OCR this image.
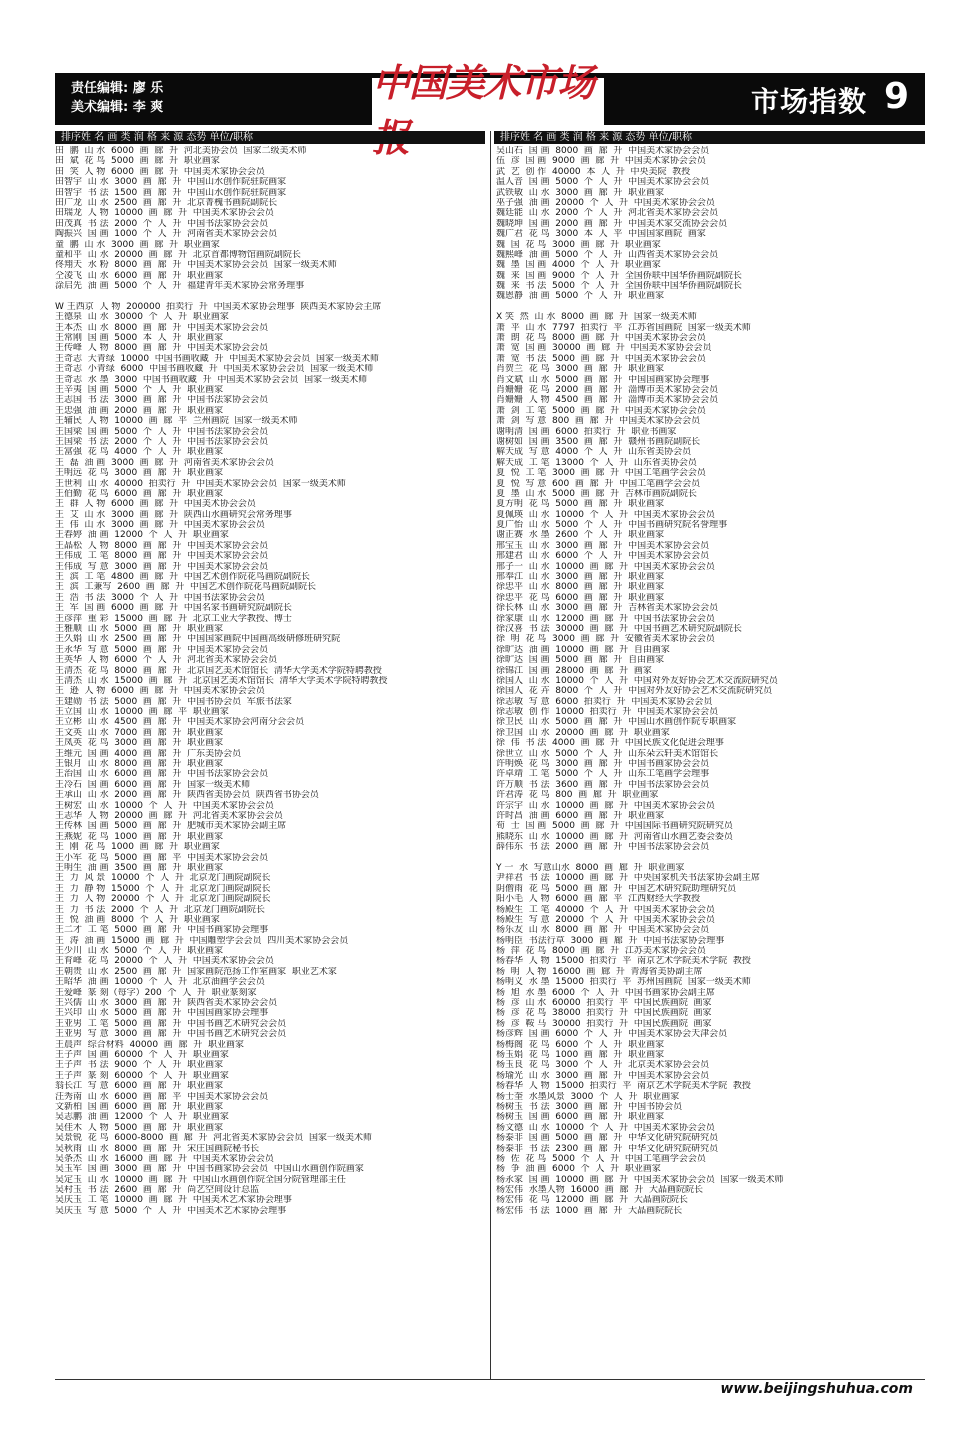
责任编辑: 廖 乐
美术编辑: 李 爽	市场指数 9
中国美术市场
排序姓 名 画 类 润 格 来 源 态势 单位/职称	排序姓 名 画 类 润 格 来 源 态势 单位/职称
田  鹏  山 水  6000  画  廊  升  河北美协会员  国家二级美术师
田  斌  花 鸟  5000  画  廊  升  职业画家
田  笑  人 物  6000  画  廊  升  中国美术家协会会员
田智宇  山 水  3000  画  廊  升  中国山水创作院驻院画家
田智宇  书 法  1500  画  廊  升  中国山水创作院驻院画家
田广龙  山 水  2500  画  廊  升  北京菁槐书画院副院长
田瑞龙  人 物  10000  画  廊  升  中国美术家协会会员
田茂真  书 法  2000  个  人  升  中国书法家协会会员
陶振兴  国 画  1000  个  人  升  河南省美术家协会会员
童  鹏  山 水  3000  画  廊  升  职业画家
童和平  山 水  20000  画  廊  升  北京首都博物馆画院副院长
佟翔天  水 粉  8000  画  廊  升  中国美术家协会会员  国家一级美术师
仝凌飞  山 水  6000  画  廊  升  职业画家
涂启先  油 画  5000  个  人  升  福建青年美术家协会常务理事
W 王西京  人 物  200000  拍卖行  升  中国美术家协会理事  陕西美术家协会主席
王德泉  山 水  30000  个  人  升  职业画家
王本杰  山 水  8000  画  廊  升  中国美术家协会会员
王常刚  国 画  5000  本  人  升  职业画家
王传峰  人 物  8000  画  廊  升  中国美术家协会会员
王奇志  大青绿  10000  中国书画收藏  升  中国美术家协会会员  国家一级美术师
王奇志  小青绿  6000  中国书画收藏  升  中国美术家协会会员  国家一级美术师
王奇志  水 墨  3000  中国书画收藏  升  中国美术家协会会员  国家一级美术师
王辛夷  国 画  5000  个  人  升  职业画家
王志国  书 法  3000  画  廊  升  中国书法家协会会员
王忠强  油 画  2000  画  廊  升  职业画家
王辅民  人 物  10000  画  廊  平  兰州画院  国家一级美术师
王国梁  国 画  5000  个  人  升  中国书法家协会会员
王国梁  书 法  2000  个  人  升  中国书法家协会会员
王富强  花 鸟  4000  个  人  升  职业画家
王  磊  油 画  3000  画  廊  升  河南省美术家协会会员
王明远  花 鸟  3000  画  廊  升  职业画家
王世利  山 水  40000  拍卖行  升  中国美术家协会会员  国家一级美术师
王伯勤  花 鸟  6000  画  廊  升  职业画家
王  群  人 物  6000  画  廊  升  中国美术协会会员
王  艾  山 水  3000  画  廊  升  陕西山水画研究会常务理事
王  伟  山 水  3000  画  廊  升  中国美术家协会会员
王春婷  油 画  12000  个  人  升  职业画家
王晶松  人 物  8000  画  廊  升  中国美术家协会会员
王伟成  工 笔  8000  画  廊  升  中国美术家协会会员
王伟成  写 意  3000  画  廊  升  中国美术家协会会员
王  滨  工 笔  4800  画  廊  升  中国艺术创作院花鸟画院副院长
王  滨  工兼写  2600  画  廊  升  中国艺术创作院花鸟画院副院长
王  浩  书 法  3000  个  人  升  中国书法家协会会员
王  军  国 画  6000  画  廊  升  中国名家书画研究院副院长
王彦萍  重 彩  15000  画  廊  升  北京工业大学教授、博士
王雅顺  山 水  5000  画  廊  升  职业画家
王久娟  山 水  2500  画  廊  升  中国国家画院中国画高级研修班研究院
王永华  写 意  5000  画  廊  升  中国美术家协会会员
王英华  人 物  6000  个  人  升  河北省美术家协会会员
王清杰  花 鸟  8000  画  廊  升  北京国艺美术馆馆长  清华大学美术学院特聘教授
王清杰  山 水  15000  画  廊  升  北京国艺美术馆馆长  清华大学美术学院特聘教授
王  逊  人 物  6000  画  廊  升  中国美术家协会会员
王建勋  书 法  5000  画  廊  升  中国书协会员  军旅书法家
王立国  山 水  10000  画  廊  平  职业画家
王立彬  山 水  4500  画  廊  升  中国美术家协会河南分会会员
王文英  山 水  7000  画  廊  升  职业画家
王凤英  花 鸟  3000  画  廊  升  职业画家
王维元  国 画  4000  画  廊  升  广东美协会员
王银月  山 水  8000  画  廊  升  职业画家
王治国  山 水  6000  画  廊  升  中国书法家协会会员
王冷石  国 画  6000  画  廊  升  国家一级美术师
王承山  山 水  2000  画  廊  升  陕西省美协会员  陕西省书协会员
王树宏  山 水  10000  个  人  升  中国美术家协会会员
王志华  人 物  20000  画  廊  升  河北省美术家协会会员
王传林  国 画  5000  画  廊  升  肥城市美术家协会副主席
王燕妮  花 鸟  1000  画  廊  升  职业画家
王  刚  花 鸟  1000  画  廊  升  职业画家
王小军  花 鸟  5000  画  廊  平  中国美术家协会会员
王明生  油 画  3500  画  廊  升  职业画家
王  力  风 景  10000  个  人  升  北京龙门画院副院长
王  力  静 物  15000  个  人  升  北京龙门画院副院长
王  力  人 物  20000  个  人  升  北京龙门画院副院长
王  力  书 法  2000  个  人  升  北京龙门画院副院长
王  悦  油 画  8000  个  人  升  职业画家
王二才  工 笔  5000  画  廊  升  中国书画家协会理事
王  涛  油 画  15000  画  廊  升  中国雕塑学会会员  四川美术家协会会员
王少川  山 水  5000  个  人  升  职业画家
王育峰  花 鸟  20000  个  人  升  中国美术家协会会员
王朝贵  山 水  2500  画  廊  升  国家画院范扬工作室画家  职业艺术家
王昭华  油 画  10000  个  人  升  北京油画学会会员
王爱峰  篆 刻（每字）200  个  人  升  职业篆刻家
王兴儒  山 水  3000  画  廊  升  陕西省美术家协会会员
王兴印  山 水  5000  画  廊  升  中国国画家协会理事
王亚男  工 笔  5000  画  廊  升  中国书画艺术研究会会员
王亚男  写 意  3000  画  廊  升  中国书画艺术研究会会员
王晨声  综合材料  40000  画  廊  升  职业画家
王子声  国 画  60000  个  人  升  职业画家
王子声  书 法  9000  个  人  升  职业画家
王子声  篆 刻  60000  个  人  升  职业画家
翁长江  写 意  6000  画  廊  升  职业画家
汪秀南  山 水  6000  画  廊  平  中国美术家协会会员
文新柏  国 画  6000  画  廊  升  职业画家
吴志鹏  油 画  12000  个  人  升  职业画家
吴佳木  人 物  5000  画  廊  升  职业画家
吴景锐  花 鸟  6000-8000  画  廊  升  河北省美术家协会会员  国家一级美术师
吴秋雨  山 水  8000  画  廊  升  宋庄国画院秘书长
吴条杰  山 水  16000  画  廊  升  中国美术家协会会员
吴玉军  国 画  3000  画  廊  升  中国书画家协会会员  中国山水画创作院画家
吴定玉  山 水  10000  画  廊  升  中国山水画创作院全国分院管理部主任
吴村玉  书 法  2600  画  廊  升  尚艺空间设计总监
吴庆玉  工 笔  10000  画  廊  升  中国美术艺术家协会理事
吴庆玉  写 意  5000  个  人  升  中国美术艺术家协会理事
吴山石  国 画  8000  画  廊  升  中国美术家协会会员
伍  彦  国 画  9000  画  廊  升  中国美术家协会会员
武  艺  创 作  40000  本  人  升  中央美院  教授
温人音  国 画  5000  个  人  升  中国美术家协会会员
武铁敏  山 水  3000  画  廊  升  职业画家
巫子强  油 画  20000  个  人  升  中国美术家协会会员
魏廷能  山 水  2000  个  人  升  河北省美术家协会会员
魏晓坤  国 画  2000  画  廊  升  中国美术家交流协会会员
魏广君  花 鸟  3000  本  人  平  中国国家画院  画家
魏  国  花 鸟  3000  画  廊  升  职业画家
魏熙峰  油 画  5000  个  人  升  山西省美术家协会会员
魏  墨  国 画  4000  个  人  升  职业画家
魏  来  国 画  9000  个  人  升  全国侨联中国华侨画院副院长
魏  来  书 法  5000  个  人  升  全国侨联中国华侨画院副院长
魏恩静  油 画  5000  个  人  升  职业画家
X 笑  然  山 水  8000  画  廊  升  国家一级美术师
萧  平  山 水  7797  拍卖行  平  江苏省国画院  国家一级美术师
萧  朗  花 鸟  8000  画  廊  升  中国美术家协会会员
萧  宽  国 画  30000  画  廊  升  中国美术家协会会员
萧  宽  书 法  5000  画  廊  升  中国美术家协会会员
肖贺兰  花 鸟  3000  画  廊  升  职业画家
肖文斌  山 水  5000  画  廊  升  中国国画家协会理事
肖姗姗  花 鸟  2000  画  廊  升  淄博市美术家协会会员
肖姗姗  人 物  4500  画  廊  升  淄博市美术家协会会员
萧  剑  工 笔  5000  画  廊  升  中国美术家协会会员
萧  剑  写 意  800  画  廊  升  中国美术家协会会员
谢明清  国 画  6000  拍卖行  升  职业书画家
谢树如  国 画  3500  画  廊  升  赣州书画院副院长
解天成  写 意  4000  个  人  升  山东省美协会员
解天成  工 笔  13000  个  人  升  山东省美协会员
夏  悦  工 笔  3000  画  廊  升  中国工笔画学会会员
夏  悦  写 意  600  画  廊  升  中国工笔画学会会员
夏  墨  山 水  5000  画  廊  升  吉林市画院副院长
夏方明  花 鸟  5000  画  廊  升  职业画家
夏佩瑛  山 水  10000  个  人  升  中国美术家协会会员
夏广怡  山 水  5000  个  人  升  中国书画研究院名誉理事
谢正赛  水 墨  2600  个  人  升  职业画家
邢宝玉  山 水  3000  画  廊  升  中国美术家协会会员
邢建君  山 水  6000  个  人  升  中国美术家协会会员
邢子一  山 水  10000  画  廊  升  中国美术家协会会员
邢奉江  山 水  3000  画  廊  升  职业画家
徐忠平  山 水  8000  画  廊  升  职业画家
徐忠平  花 鸟  6000  画  廊  升  职业画家
徐长林  山 水  3000  画  廊  升  吉林省美术家协会会员
徐家康  山 水  12000  画  廊  升  中国书法家协会会员
徐汉喜  书 法  30000  画  廊  升  中国书画艺术研究院副院长
徐  明  花 鸟  3000  画  廊  升  安徽省美术家协会会员
徐旷达  油 画  10000  画  廊  升  自由画家
徐旷达  国 画  5000  画  廊  升  自由画家
徐锦江  国 画  28000  画  廊  升  画家
徐国人  山 水  10000  个  人  升  中国对外友好协会艺术交流院研究员
徐国人  花 卉  8000  个  人  升  中国对外友好协会艺术交流院研究员
徐志敏  写 意  6000  拍卖行  升  中国美术家协会会员
徐志敏  创 作  10000  拍卖行  升  中国美术家协会会员
徐卫民  山 水  5000  画  廊  升  中国山水画创作院专职画家
徐卫国  山 水  20000  画  廊  升  职业画家
徐  伟  书 法  4000  画  廊  升  中国民族文化促进会理事
徐世立  山 水  5000  个  人  升  山东朵云轩美术馆馆长
许明焕  花 鸟  3000  画  廊  升  中国书画家协会会员
许卓靖  工 笔  5000  个  人  升  山东工笔画学会理事
许万顺  书 法  3600  画  廊  升  中国书法家协会会员
许君涛  花 鸟  800  画  廊  升  职业画家
许宗宇  山 水  10000  画  廊  升  中国美术家协会会员
许时昌  油 画  6000  画  廊  升  职业画家
荀  士  国 画  5000  画  廊  升  中国国际书画研究院研究员
熊晓东  山 水  10000  画  廊  升  河南省山水画艺委会委员
薛伟东  书 法  2000  画  廊  升  中国书法家协会会员
Y 一  水  写意山水  8000  画  廊  升  职业画家
尹祥君  书 法  10000  画  廊  升  中央国家机关书法家协会副主席
阴僧雨  花 鸟  5000  画  廊  升  中国艺术研究院助理研究员
阳小毛  人 物  6000  画  廊  平  江西财经大学教授
杨殿生  工 笔  40000  个  人  升  中国美术家协会会员
杨殿生  写 意  20000  个  人  升  中国美术家协会会员
杨乐友  山 水  8000  画  廊  升  中国美术家协会会员
杨明臣  书法行草  3000  画  廊  升  中国书法家协会理事
杨  萍  花 鸟  8000  画  廊  升  江苏美术家协会会员
杨春华  人 物  15000  拍卖行  平  南京艺术学院美术学院  教授
杨  明  人 物  16000  画  廊  升  青海省美协副主席
杨明义  水 墨  15000  拍卖行  平  苏州国画院  国家一级美术师
杨  旭  水 墨  6000  个  人  升  中国书画家协会副主席
杨  彦  山 水  60000  拍卖行  平  中国民族画院  画家
杨  彦  花 鸟  38000  拍卖行  升  中国民族画院  画家
杨  彦  鞍 马  30000  拍卖行  升  中国民族画院  画家
杨彦辉  国 画  6000  个  人  升  中国美术家协会天津会员
杨梅阁  花 鸟  6000  个  人  升  职业画家
杨玉娟  花 鸟  1000  画  廊  升  职业画家
杨玉良  花 鸟  3000  个  人  升  北京美术家协会会员
杨瑜光  山 水  3000  画  廊  升  中国美术家协会会员
杨春华  人 物  15000  拍卖行  平  南京艺术学院美术学院  教授
杨士奎  水墨风景  3000  个  人  升  职业画家
杨树玉  书 法  3000  画  廊  升  中国书协会员
杨树玉  国 画  6000  画  廊  升  职业画家
杨文德  山 水  10000  个  人  升  中国美术家协会会员
杨泰非  国 画  5000  画  廊  升  中华文化研究院研究员
杨泰非  书 法  2300  画  廊  升  中华文化研究院研究员
杨  佐  花 鸟  5000  个  人  升  中国工笔画学会会员
杨  争  油 画  6000  个  人  升  职业画家
杨永家  国 画  10000  画  廊  升  中国美术家协会会员  国家一级美术师
杨宏伟  水墨人物  16000  画  廊  升  大晶画院院长
杨宏伟  花 鸟  12000  画  廊  升  大晶画院院长
杨宏伟  书 法  1000  画  廊  升  大晶画院院长
www.beijingshuhua.com
